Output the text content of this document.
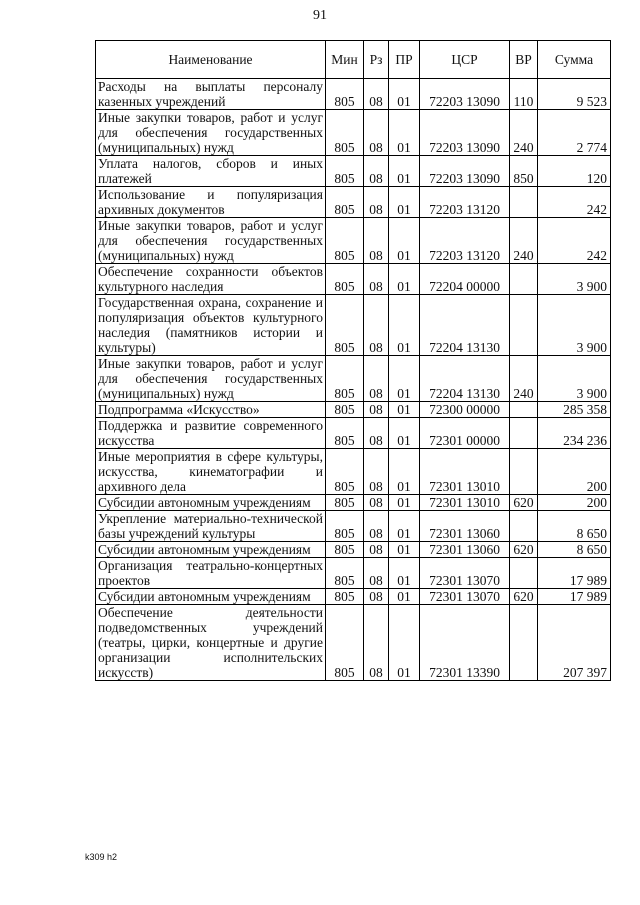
91
Наименование	Мин	Рз	ПР	ЦСР	ВР	Сумма
Расходы на выплаты персоналу казенных учреждений	805	08	01	72203 13090	110	9 523
Иные закупки товаров, работ и услуг для обеспечения государственных (муниципальных) нужд	805	08	01	72203 13090	240	2 774
Уплата налогов, сборов и иных платежей	805	08	01	72203 13090	850	120
Использование и популяризация архивных документов	805	08	01	72203 13120		242
Иные закупки товаров, работ и услуг для обеспечения государственных (муниципальных) нужд	805	08	01	72203 13120	240	242
Обеспечение сохранности объектов культурного наследия	805	08	01	72204 00000		3 900
Государственная охрана, сохранение и популяризация объектов культурного наследия (памятников истории и культуры)	805	08	01	72204 13130		3 900
Иные закупки товаров, работ и услуг для обеспечения государственных (муниципальных) нужд	805	08	01	72204 13130	240	3 900
Подпрограмма «Искусство»	805	08	01	72300 00000		285 358
Поддержка и развитие современного искусства	805	08	01	72301 00000		234 236
Иные мероприятия в сфере культуры, искусства, кинематографии и архивного дела	805	08	01	72301 13010		200
Субсидии автономным учреждениям	805	08	01	72301 13010	620	200
Укрепление материально-технической базы учреждений культуры	805	08	01	72301 13060		8 650
Субсидии автономным учреждениям	805	08	01	72301 13060	620	8 650
Организация театрально-концертных проектов	805	08	01	72301 13070		17 989
Субсидии автономным учреждениям	805	08	01	72301 13070	620	17 989
Обеспечение деятельности подведомственных учреждений (театры, цирки, концертные и другие организации исполнительских искусств)	805	08	01	72301 13390		207 397
k309 h2
